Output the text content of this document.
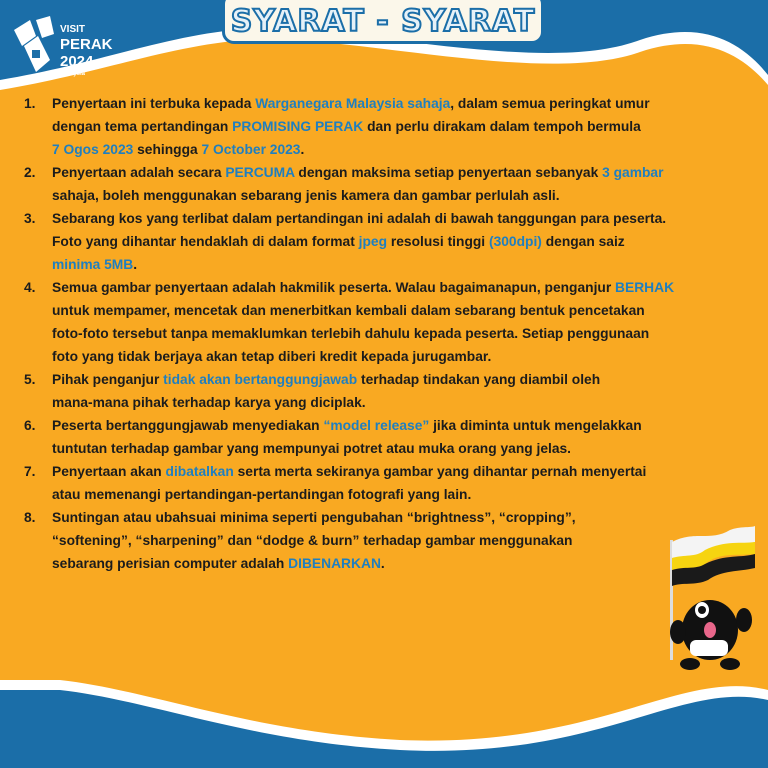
VISIT
PERAK
2024
Malaysia
SYARAT - SYARAT
1. Penyertaan ini terbuka kepada Warganegara Malaysia sahaja, dalam semua peringkat umur
dengan tema pertandingan PROMISING PERAK dan perlu dirakam dalam tempoh bermula
7 Ogos 2023 sehingga 7 October 2023.
2. Penyertaan adalah secara PERCUMA dengan maksima setiap penyertaan sebanyak 3 gambar
sahaja, boleh menggunakan sebarang jenis kamera dan gambar perlulah asli.
3. Sebarang kos yang terlibat dalam pertandingan ini adalah di bawah tanggungan para peserta.
Foto yang dihantar hendaklah di dalam format jpeg resolusi tinggi (300dpi) dengan saiz
minima 5MB.
4. Semua gambar penyertaan adalah hakmilik peserta. Walau bagaimanapun, penganjur BERHAK
untuk mempamer, mencetak dan menerbitkan kembali dalam sebarang bentuk pencetakan
foto-foto tersebut tanpa memaklumkan terlebih dahulu kepada peserta. Setiap penggunaan
foto yang tidak berjaya akan tetap diberi kredit kepada jurugambar.
5. Pihak penganjur tidak akan bertanggungjawab terhadap tindakan yang diambil oleh
mana-mana pihak terhadap karya yang diciplak.
6. Peserta bertanggungjawab menyediakan “model release” jika diminta untuk mengelakkan
tuntutan terhadap gambar yang mempunyai potret atau muka orang yang jelas.
7. Penyertaan akan dibatalkan serta merta sekiranya gambar yang dihantar pernah menyertai
atau memenangi pertandingan-pertandingan fotografi yang lain.
8. Suntingan atau ubahsuai minima seperti pengubahan “brightness”, “cropping”,
“softening”, “sharpening” dan “dodge & burn” terhadap gambar menggunakan
sebarang perisian computer adalah DIBENARKAN.
